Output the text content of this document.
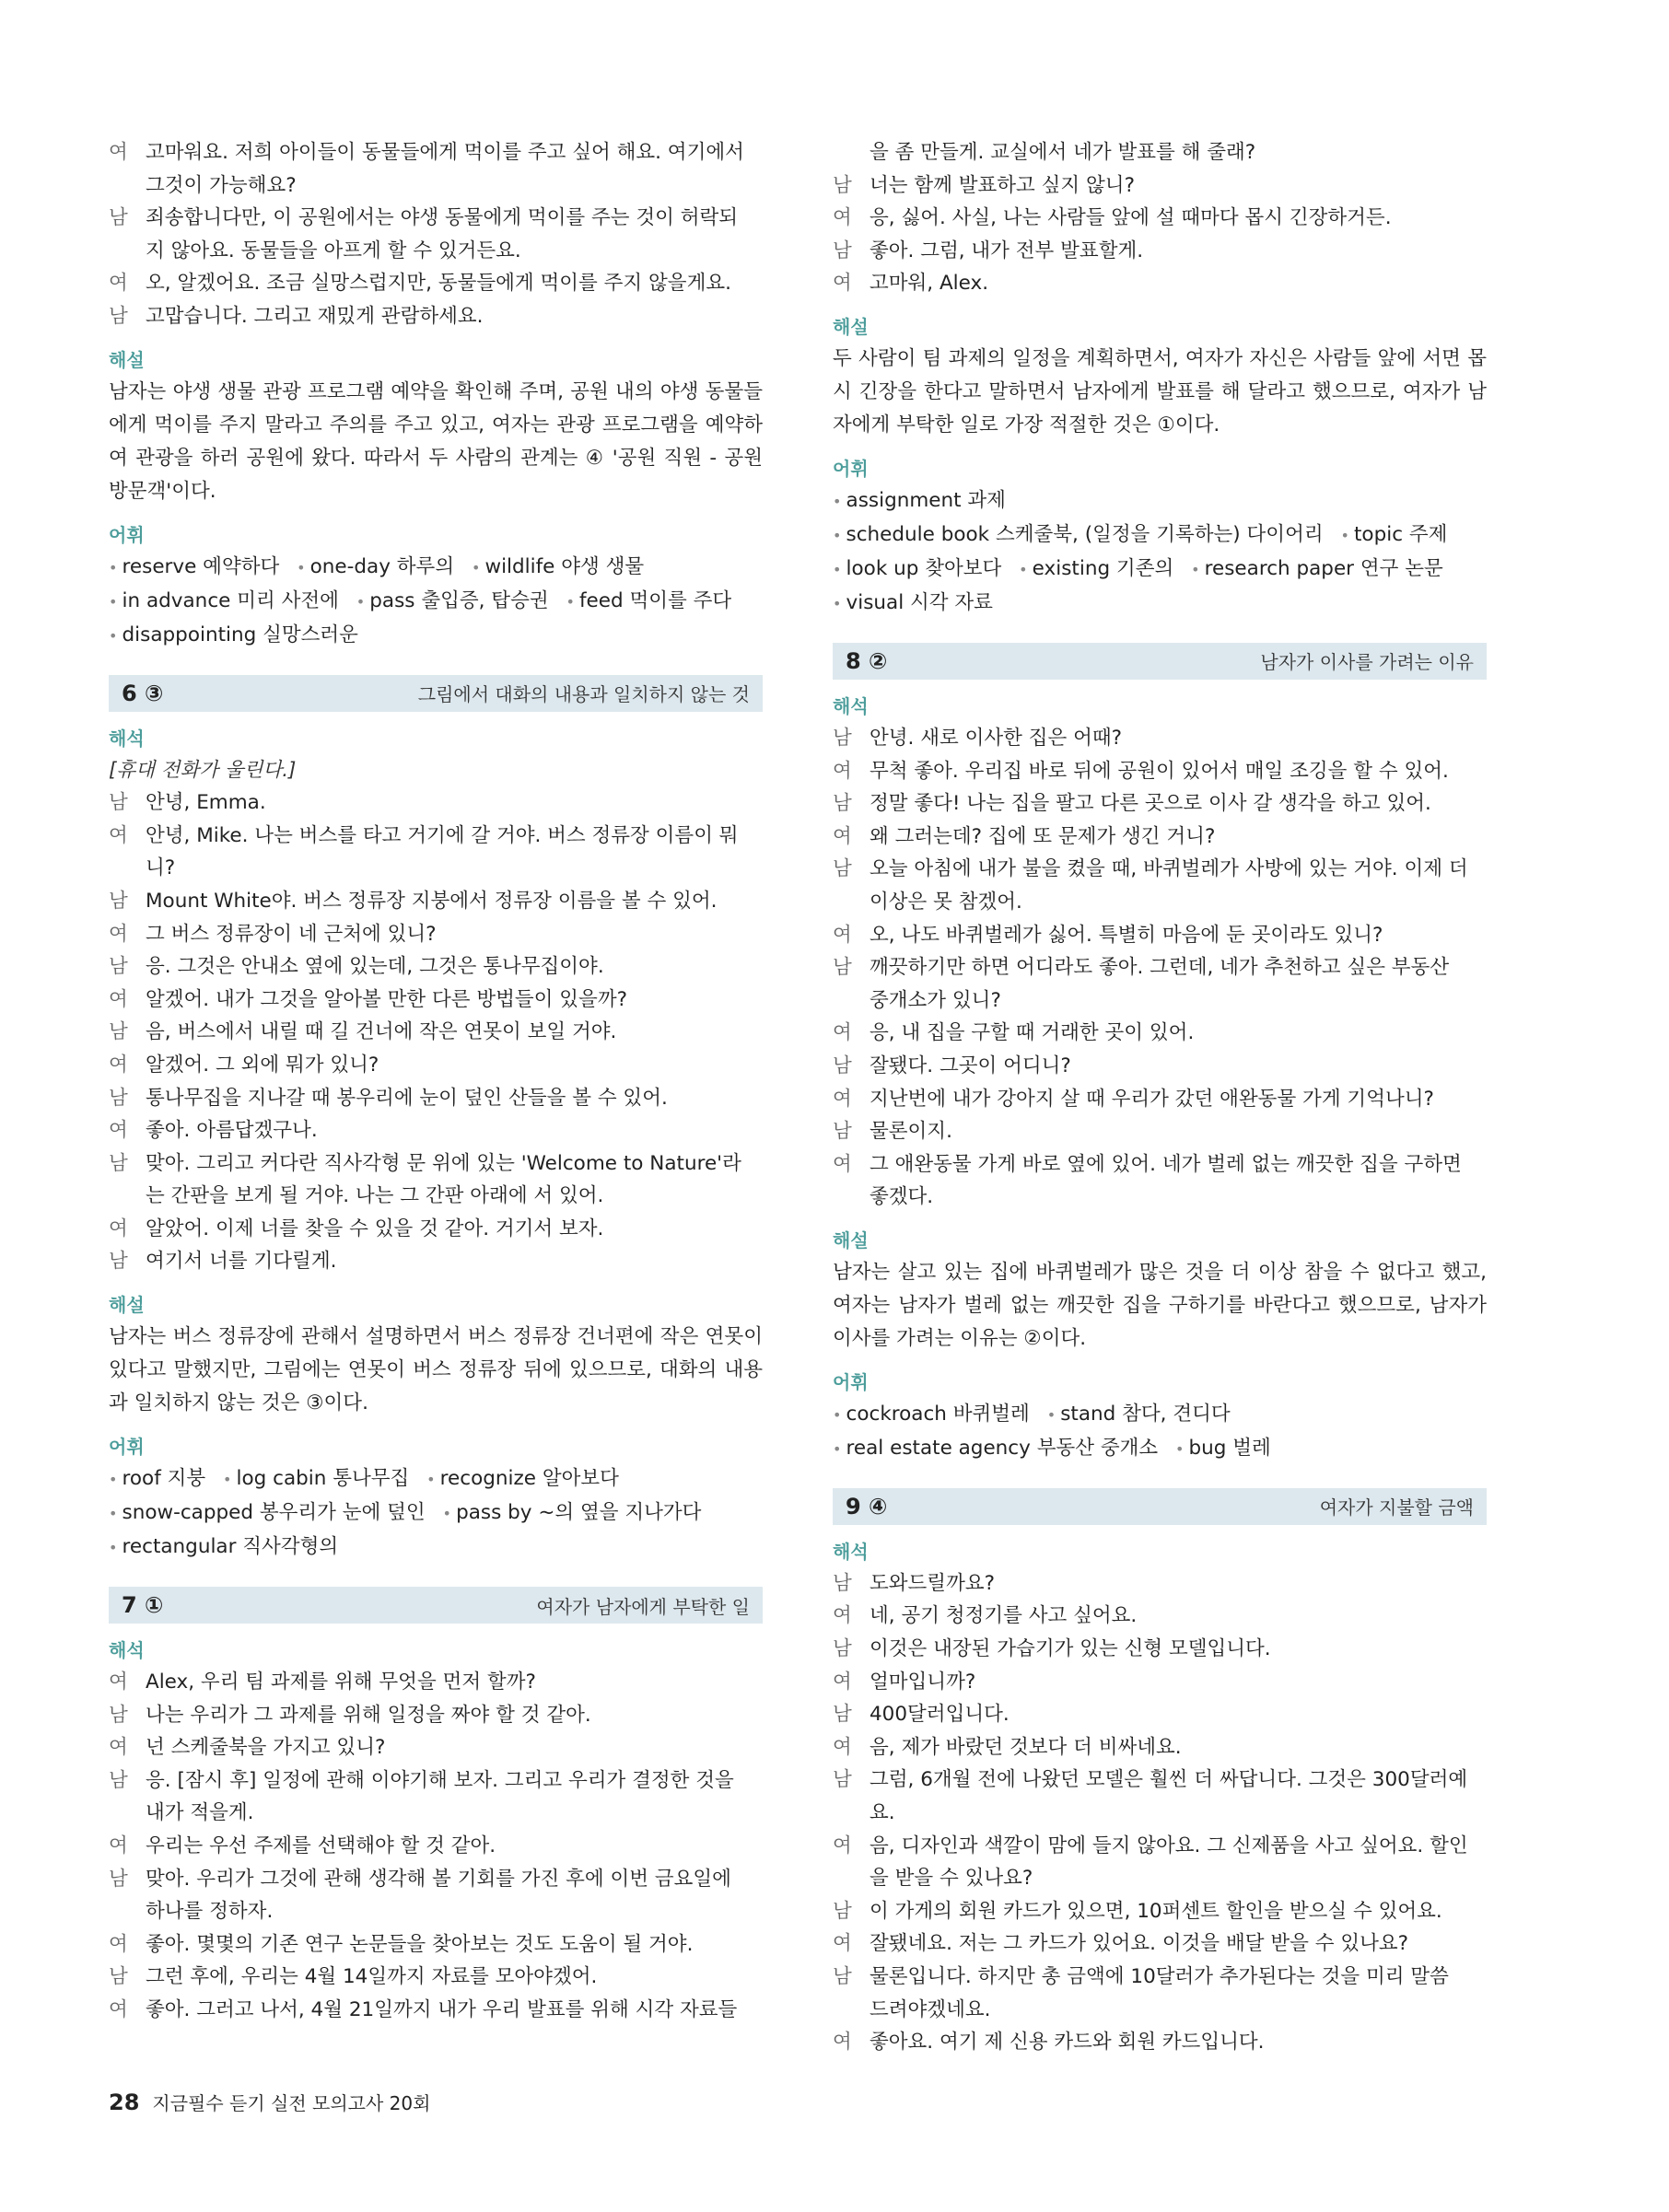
여 고마워요. 저희 아이들이 동물들에게 먹이를 주고 싶어 해요. 여기에서
그것이 가능해요?
남 죄송합니다만, 이 공원에서는 야생 동물에게 먹이를 주는 것이 허락되
지 않아요. 동물들을 아프게 할 수 있거든요.
여 오, 알겠어요. 조금 실망스럽지만, 동물들에게 먹이를 주지 않을게요.
남 고맙습니다. 그리고 재밌게 관람하세요.
해설
남자는 야생 생물 관광 프로그램 예약을 확인해 주며, 공원 내의 야생 동물들에게 먹이를 주지 말라고 주의를 주고 있고, 여자는 관광 프로그램을 예약하여 관광을 하러 공원에 왔다. 따라서 두 사람의 관계는 ④ '공원 직원 - 공원 방문객'이다.
어휘
• reserve 예약하다 • one-day 하루의 • wildlife 야생 생물 • in advance 미리 사전에 • pass 출입증, 탑승권 • feed 먹이를 주다 • disappointing 실망스러운
6 ③	그림에서 대화의 내용과 일치하지 않는 것
해석
[휴대 전화가 울린다.]
남 안녕, Emma.
여 안녕, Mike. 나는 버스를 타고 거기에 갈 거야. 버스 정류장 이름이 뭐니?
남 Mount White야. 버스 정류장 지붕에서 정류장 이름을 볼 수 있어.
여 그 버스 정류장이 네 근처에 있니?
남 응. 그것은 안내소 옆에 있는데, 그것은 통나무집이야.
여 알겠어. 내가 그것을 알아볼 만한 다른 방법들이 있을까?
남 음, 버스에서 내릴 때 길 건너에 작은 연못이 보일 거야.
여 알겠어. 그 외에 뭐가 있니?
남 통나무집을 지나갈 때 봉우리에 눈이 덮인 산들을 볼 수 있어.
여 좋아. 아름답겠구나.
남 맞아. 그리고 커다란 직사각형 문 위에 있는 'Welcome to Nature'라
는 간판을 보게 될 거야. 나는 그 간판 아래에 서 있어.
여 알았어. 이제 너를 찾을 수 있을 것 같아. 거기서 보자.
남 여기서 너를 기다릴게.
해설
남자는 버스 정류장에 관해서 설명하면서 버스 정류장 건너편에 작은 연못이 있다고 말했지만, 그림에는 연못이 버스 정류장 뒤에 있으므로, 대화의 내용과 일치하지 않는 것은 ③이다.
어휘
• roof 지붕 • log cabin 통나무집 • recognize 알아보다 • snow-capped 봉우리가 눈에 덮인 • pass by ~의 옆을 지나가다 • rectangular 직사각형의
7 ①	여자가 남자에게 부탁한 일
해석
여 Alex, 우리 팀 과제를 위해 무엇을 먼저 할까?
남 나는 우리가 그 과제를 위해 일정을 짜야 할 것 같아.
여 넌 스케줄북을 가지고 있니?
남 응. [잠시 후] 일정에 관해 이야기해 보자. 그리고 우리가 결정한 것을
내가 적을게.
여 우리는 우선 주제를 선택해야 할 것 같아.
남 맞아. 우리가 그것에 관해 생각해 볼 기회를 가진 후에 이번 금요일에
하나를 정하자.
여 좋아. 몇몇의 기존 연구 논문들을 찾아보는 것도 도움이 될 거야.
남 그런 후에, 우리는 4월 14일까지 자료를 모아야겠어.
여 좋아. 그러고 나서, 4월 21일까지 내가 우리 발표를 위해 시각 자료들
을 좀 만들게. 교실에서 네가 발표를 해 줄래?
남 너는 함께 발표하고 싶지 않니?
여 응, 싫어. 사실, 나는 사람들 앞에 설 때마다 몹시 긴장하거든.
남 좋아. 그럼, 내가 전부 발표할게.
여 고마워, Alex.
해설
두 사람이 팀 과제의 일정을 계획하면서, 여자가 자신은 사람들 앞에 서면 몹시 긴장을 한다고 말하면서 남자에게 발표를 해 달라고 했으므로, 여자가 남자에게 부탁한 일로 가장 적절한 것은 ①이다.
어휘
• assignment 과제 • schedule book 스케줄북, (일정을 기록하는) 다이어리 • topic 주제 • look up 찾아보다 • existing 기존의 • research paper 연구 논문 • visual 시각 자료
8 ②	남자가 이사를 가려는 이유
해석
남 안녕. 새로 이사한 집은 어때?
여 무척 좋아. 우리집 바로 뒤에 공원이 있어서 매일 조깅을 할 수 있어.
남 정말 좋다! 나는 집을 팔고 다른 곳으로 이사 갈 생각을 하고 있어.
여 왜 그러는데? 집에 또 문제가 생긴 거니?
남 오늘 아침에 내가 불을 켰을 때, 바퀴벌레가 사방에 있는 거야. 이제 더
이상은 못 참겠어.
여 오, 나도 바퀴벌레가 싫어. 특별히 마음에 둔 곳이라도 있니?
남 깨끗하기만 하면 어디라도 좋아. 그런데, 네가 추천하고 싶은 부동산
중개소가 있니?
여 응, 내 집을 구할 때 거래한 곳이 있어.
남 잘됐다. 그곳이 어디니?
여 지난번에 내가 강아지 살 때 우리가 갔던 애완동물 가게 기억나니?
남 물론이지.
여 그 애완동물 가게 바로 옆에 있어. 네가 벌레 없는 깨끗한 집을 구하면
좋겠다.
해설
남자는 살고 있는 집에 바퀴벌레가 많은 것을 더 이상 참을 수 없다고 했고, 여자는 남자가 벌레 없는 깨끗한 집을 구하기를 바란다고 했으므로, 남자가 이사를 가려는 이유는 ②이다.
어휘
• cockroach 바퀴벌레 • stand 참다, 견디다 • real estate agency 부동산 중개소 • bug 벌레
9 ④	여자가 지불할 금액
해석
남 도와드릴까요?
여 네, 공기 청정기를 사고 싶어요.
남 이것은 내장된 가습기가 있는 신형 모델입니다.
여 얼마입니까?
남 400달러입니다.
여 음, 제가 바랐던 것보다 더 비싸네요.
남 그럼, 6개월 전에 나왔던 모델은 훨씬 더 싸답니다. 그것은 300달러예요.
여 음, 디자인과 색깔이 맘에 들지 않아요. 그 신제품을 사고 싶어요. 할인
을 받을 수 있나요?
남 이 가게의 회원 카드가 있으면, 10퍼센트 할인을 받으실 수 있어요.
여 잘됐네요. 저는 그 카드가 있어요. 이것을 배달 받을 수 있나요?
남 물론입니다. 하지만 총 금액에 10달러가 추가된다는 것을 미리 말씀
드려야겠네요.
여 좋아요. 여기 제 신용 카드와 회원 카드입니다.
28 지금필수 듣기 실전 모의고사 20회
